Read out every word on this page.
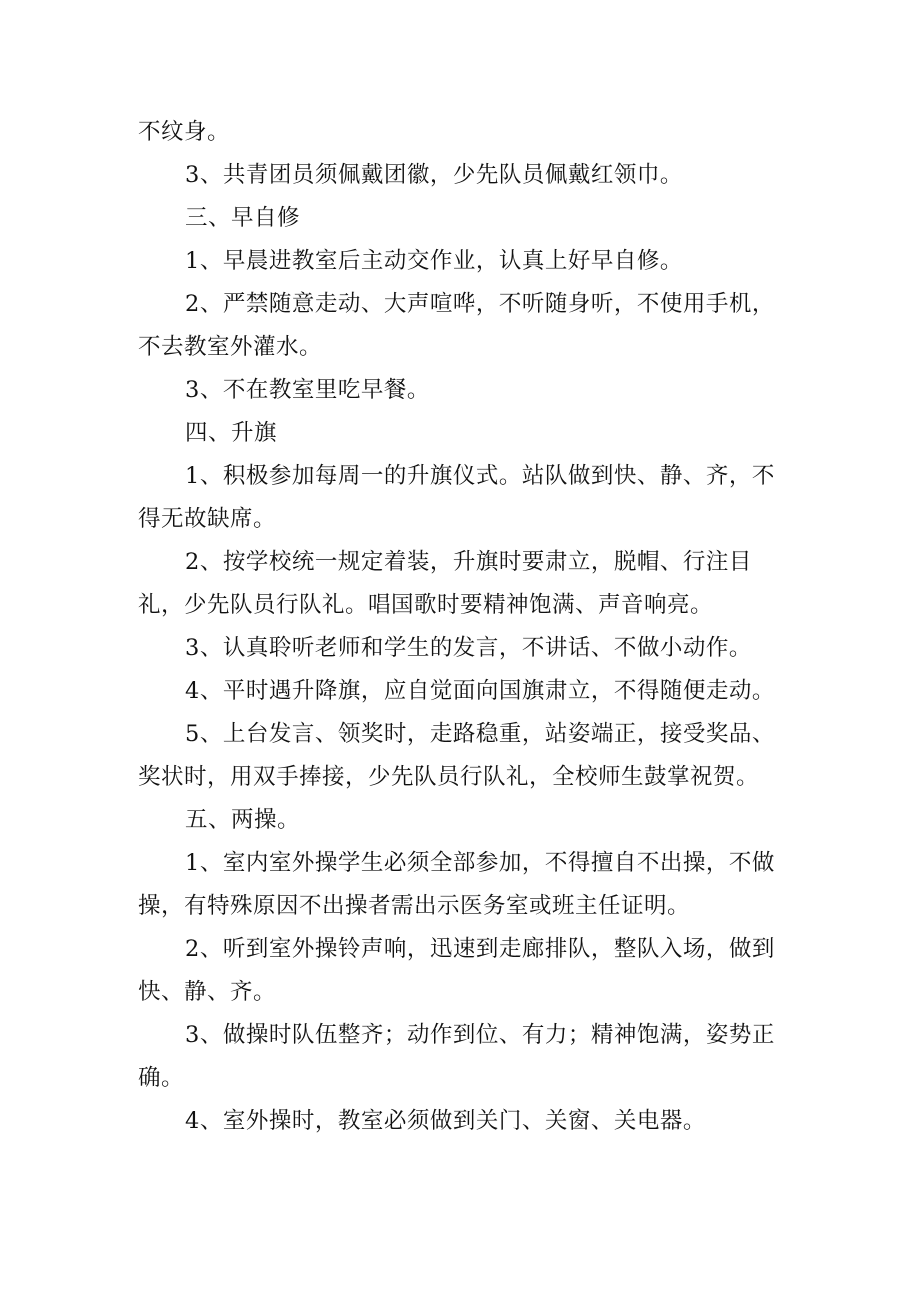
不纹身。

3、共青团员须佩戴团徽，少先队员佩戴红领巾。

三、早自修

1、早晨进教室后主动交作业，认真上好早自修。

2、严禁随意走动、大声喧哗，不听随身听，不使用手机，不去教室外灌水。

3、不在教室里吃早餐。

四、升旗

1、积极参加每周一的升旗仪式。站队做到快、静、齐，不得无故缺席。

2、按学校统一规定着装，升旗时要肃立，脱帽、行注目礼，少先队员行队礼。唱国歌时要精神饱满、声音响亮。

3、认真聆听老师和学生的发言，不讲话、不做小动作。

4、平时遇升降旗，应自觉面向国旗肃立，不得随便走动。

5、上台发言、领奖时，走路稳重，站姿端正，接受奖品、奖状时，用双手捧接，少先队员行队礼，全校师生鼓掌祝贺。

五、两操。

1、室内室外操学生必须全部参加，不得擅自不出操，不做操，有特殊原因不出操者需出示医务室或班主任证明。

2、听到室外操铃声响，迅速到走廊排队，整队入场，做到快、静、齐。

3、做操时队伍整齐；动作到位、有力；精神饱满，姿势正确。

4、室外操时，教室必须做到关门、关窗、关电器。
